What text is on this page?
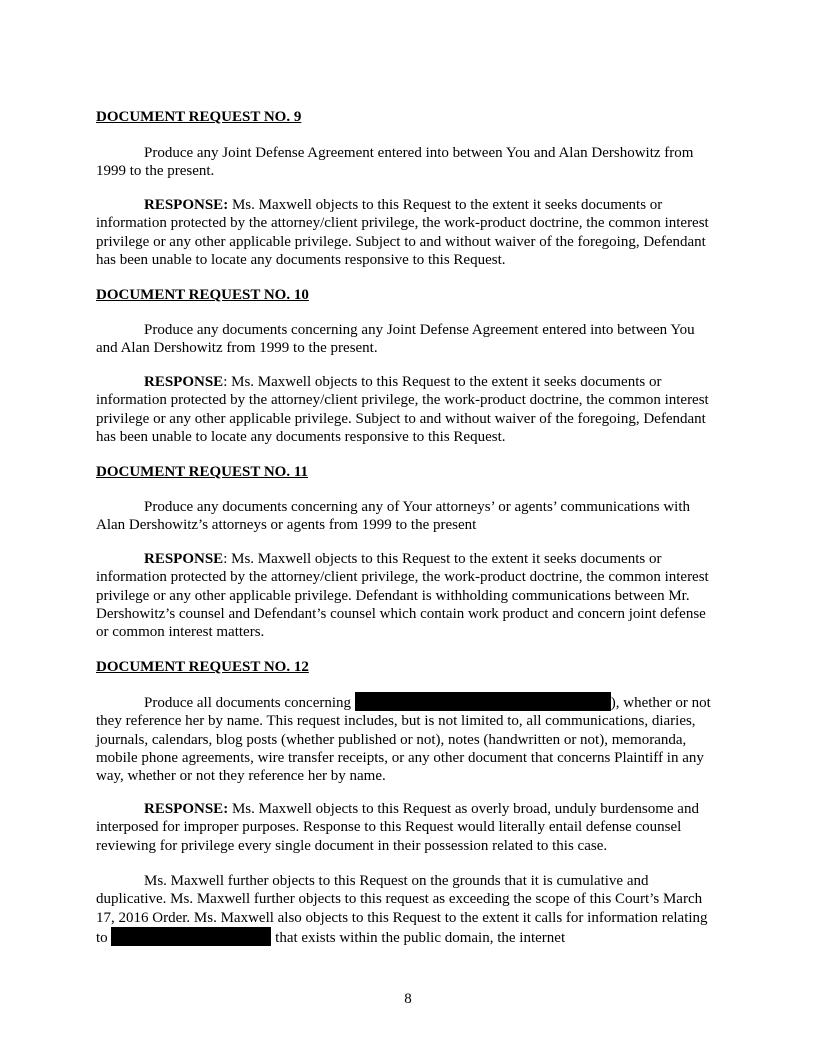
DOCUMENT REQUEST NO. 9
Produce any Joint Defense Agreement entered into between You and Alan Dershowitz from 1999 to the present.
RESPONSE: Ms. Maxwell objects to this Request to the extent it seeks documents or information protected by the attorney/client privilege, the work-product doctrine, the common interest privilege or any other applicable privilege. Subject to and without waiver of the foregoing, Defendant has been unable to locate any documents responsive to this Request.
DOCUMENT REQUEST NO. 10
Produce any documents concerning any Joint Defense Agreement entered into between You and Alan Dershowitz from 1999 to the present.
RESPONSE: Ms. Maxwell objects to this Request to the extent it seeks documents or information protected by the attorney/client privilege, the work-product doctrine, the common interest privilege or any other applicable privilege. Subject to and without waiver of the foregoing, Defendant has been unable to locate any documents responsive to this Request.
DOCUMENT REQUEST NO. 11
Produce any documents concerning any of Your attorneys’ or agents’ communications with Alan Dershowitz’s attorneys or agents from 1999 to the present
RESPONSE: Ms. Maxwell objects to this Request to the extent it seeks documents or information protected by the attorney/client privilege, the work-product doctrine, the common interest privilege or any other applicable privilege. Defendant is withholding communications between Mr. Dershowitz’s counsel and Defendant’s counsel which contain work product and concern joint defense or common interest matters.
DOCUMENT REQUEST NO. 12
Produce all documents concerning	), whether or not they reference her by name. This request includes, but is not limited to, all communications, diaries, journals, calendars, blog posts (whether published or not), notes (handwritten or not), memoranda, mobile phone agreements, wire transfer receipts, or any other document that concerns Plaintiff in any way, whether or not they reference her by name.
RESPONSE: Ms. Maxwell objects to this Request as overly broad, unduly burdensome and interposed for improper purposes. Response to this Request would literally entail defense counsel reviewing for privilege every single document in their possession related to this case.
Ms. Maxwell further objects to this Request on the grounds that it is cumulative and duplicative. Ms. Maxwell further objects to this request as exceeding the scope of this Court’s March 17, 2016 Order. Ms. Maxwell also objects to this Request to the extent it calls for information relating to	that exists within the public domain, the internet
8
